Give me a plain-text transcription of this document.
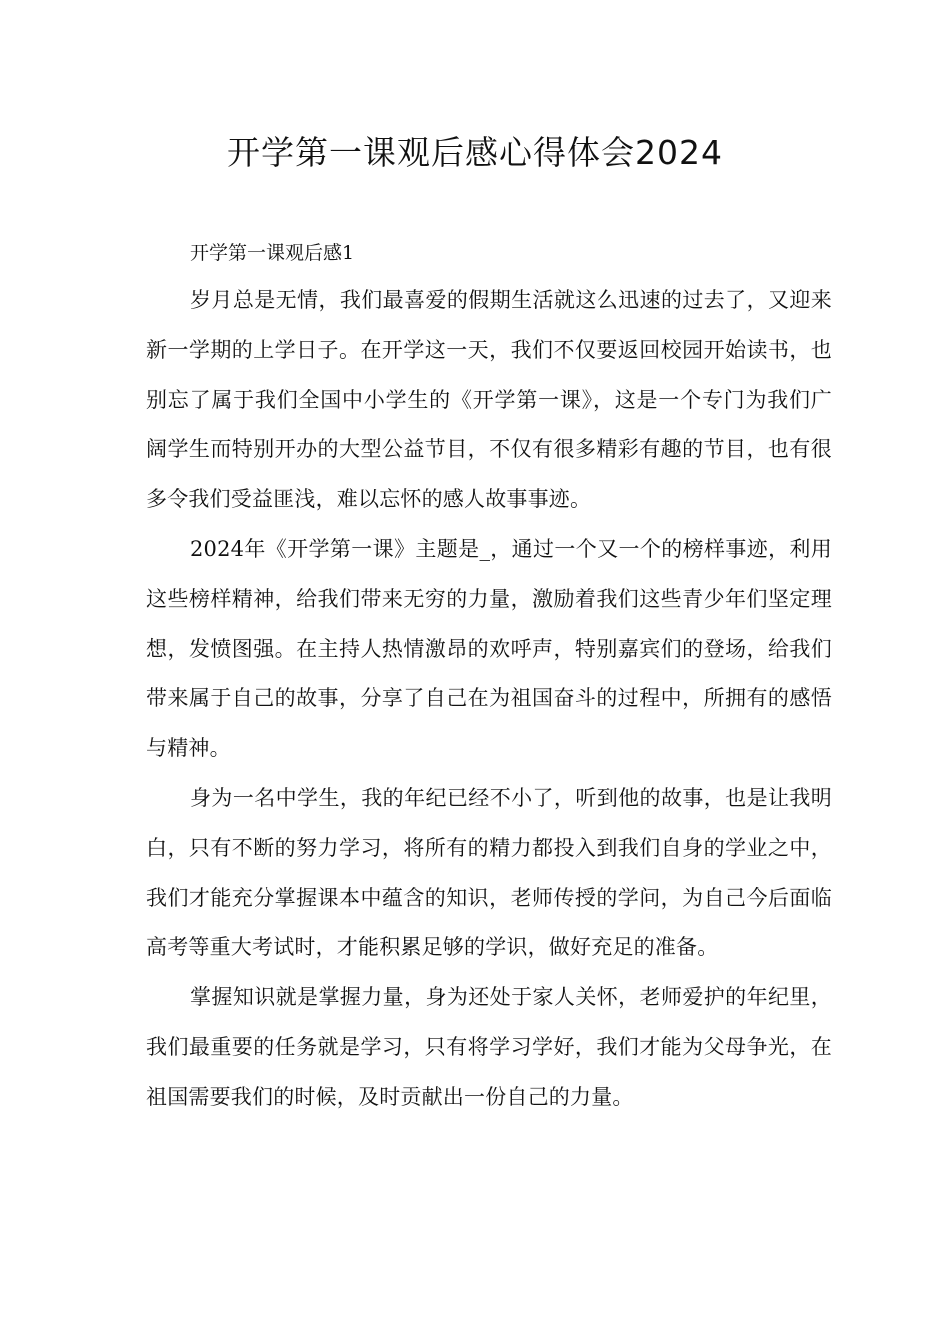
开学第一课观后感心得体会2024

开学第一课观后感1

岁月总是无情，我们最喜爱的假期生活就这么迅速的过去了，又迎来新一学期的上学日子。在开学这一天，我们不仅要返回校园开始读书，也别忘了属于我们全国中小学生的《开学第一课》，这是一个专门为我们广阔学生而特别开办的大型公益节目，不仅有很多精彩有趣的节目，也有很多令我们受益匪浅，难以忘怀的感人故事事迹。

2024年《开学第一课》主题是_，通过一个又一个的榜样事迹，利用这些榜样精神，给我们带来无穷的力量，激励着我们这些青少年们坚定理想，发愤图强。在主持人热情激昂的欢呼声，特别嘉宾们的登场，给我们带来属于自己的故事，分享了自己在为祖国奋斗的过程中，所拥有的感悟与精神。

身为一名中学生，我的年纪已经不小了，听到他的故事，也是让我明白，只有不断的努力学习，将所有的精力都投入到我们自身的学业之中，我们才能充分掌握课本中蕴含的知识，老师传授的学问，为自己今后面临高考等重大考试时，才能积累足够的学识，做好充足的准备。

掌握知识就是掌握力量，身为还处于家人关怀，老师爱护的年纪里，我们最重要的任务就是学习，只有将学习学好，我们才能为父母争光，在祖国需要我们的时候，及时贡献出一份自己的力量。
